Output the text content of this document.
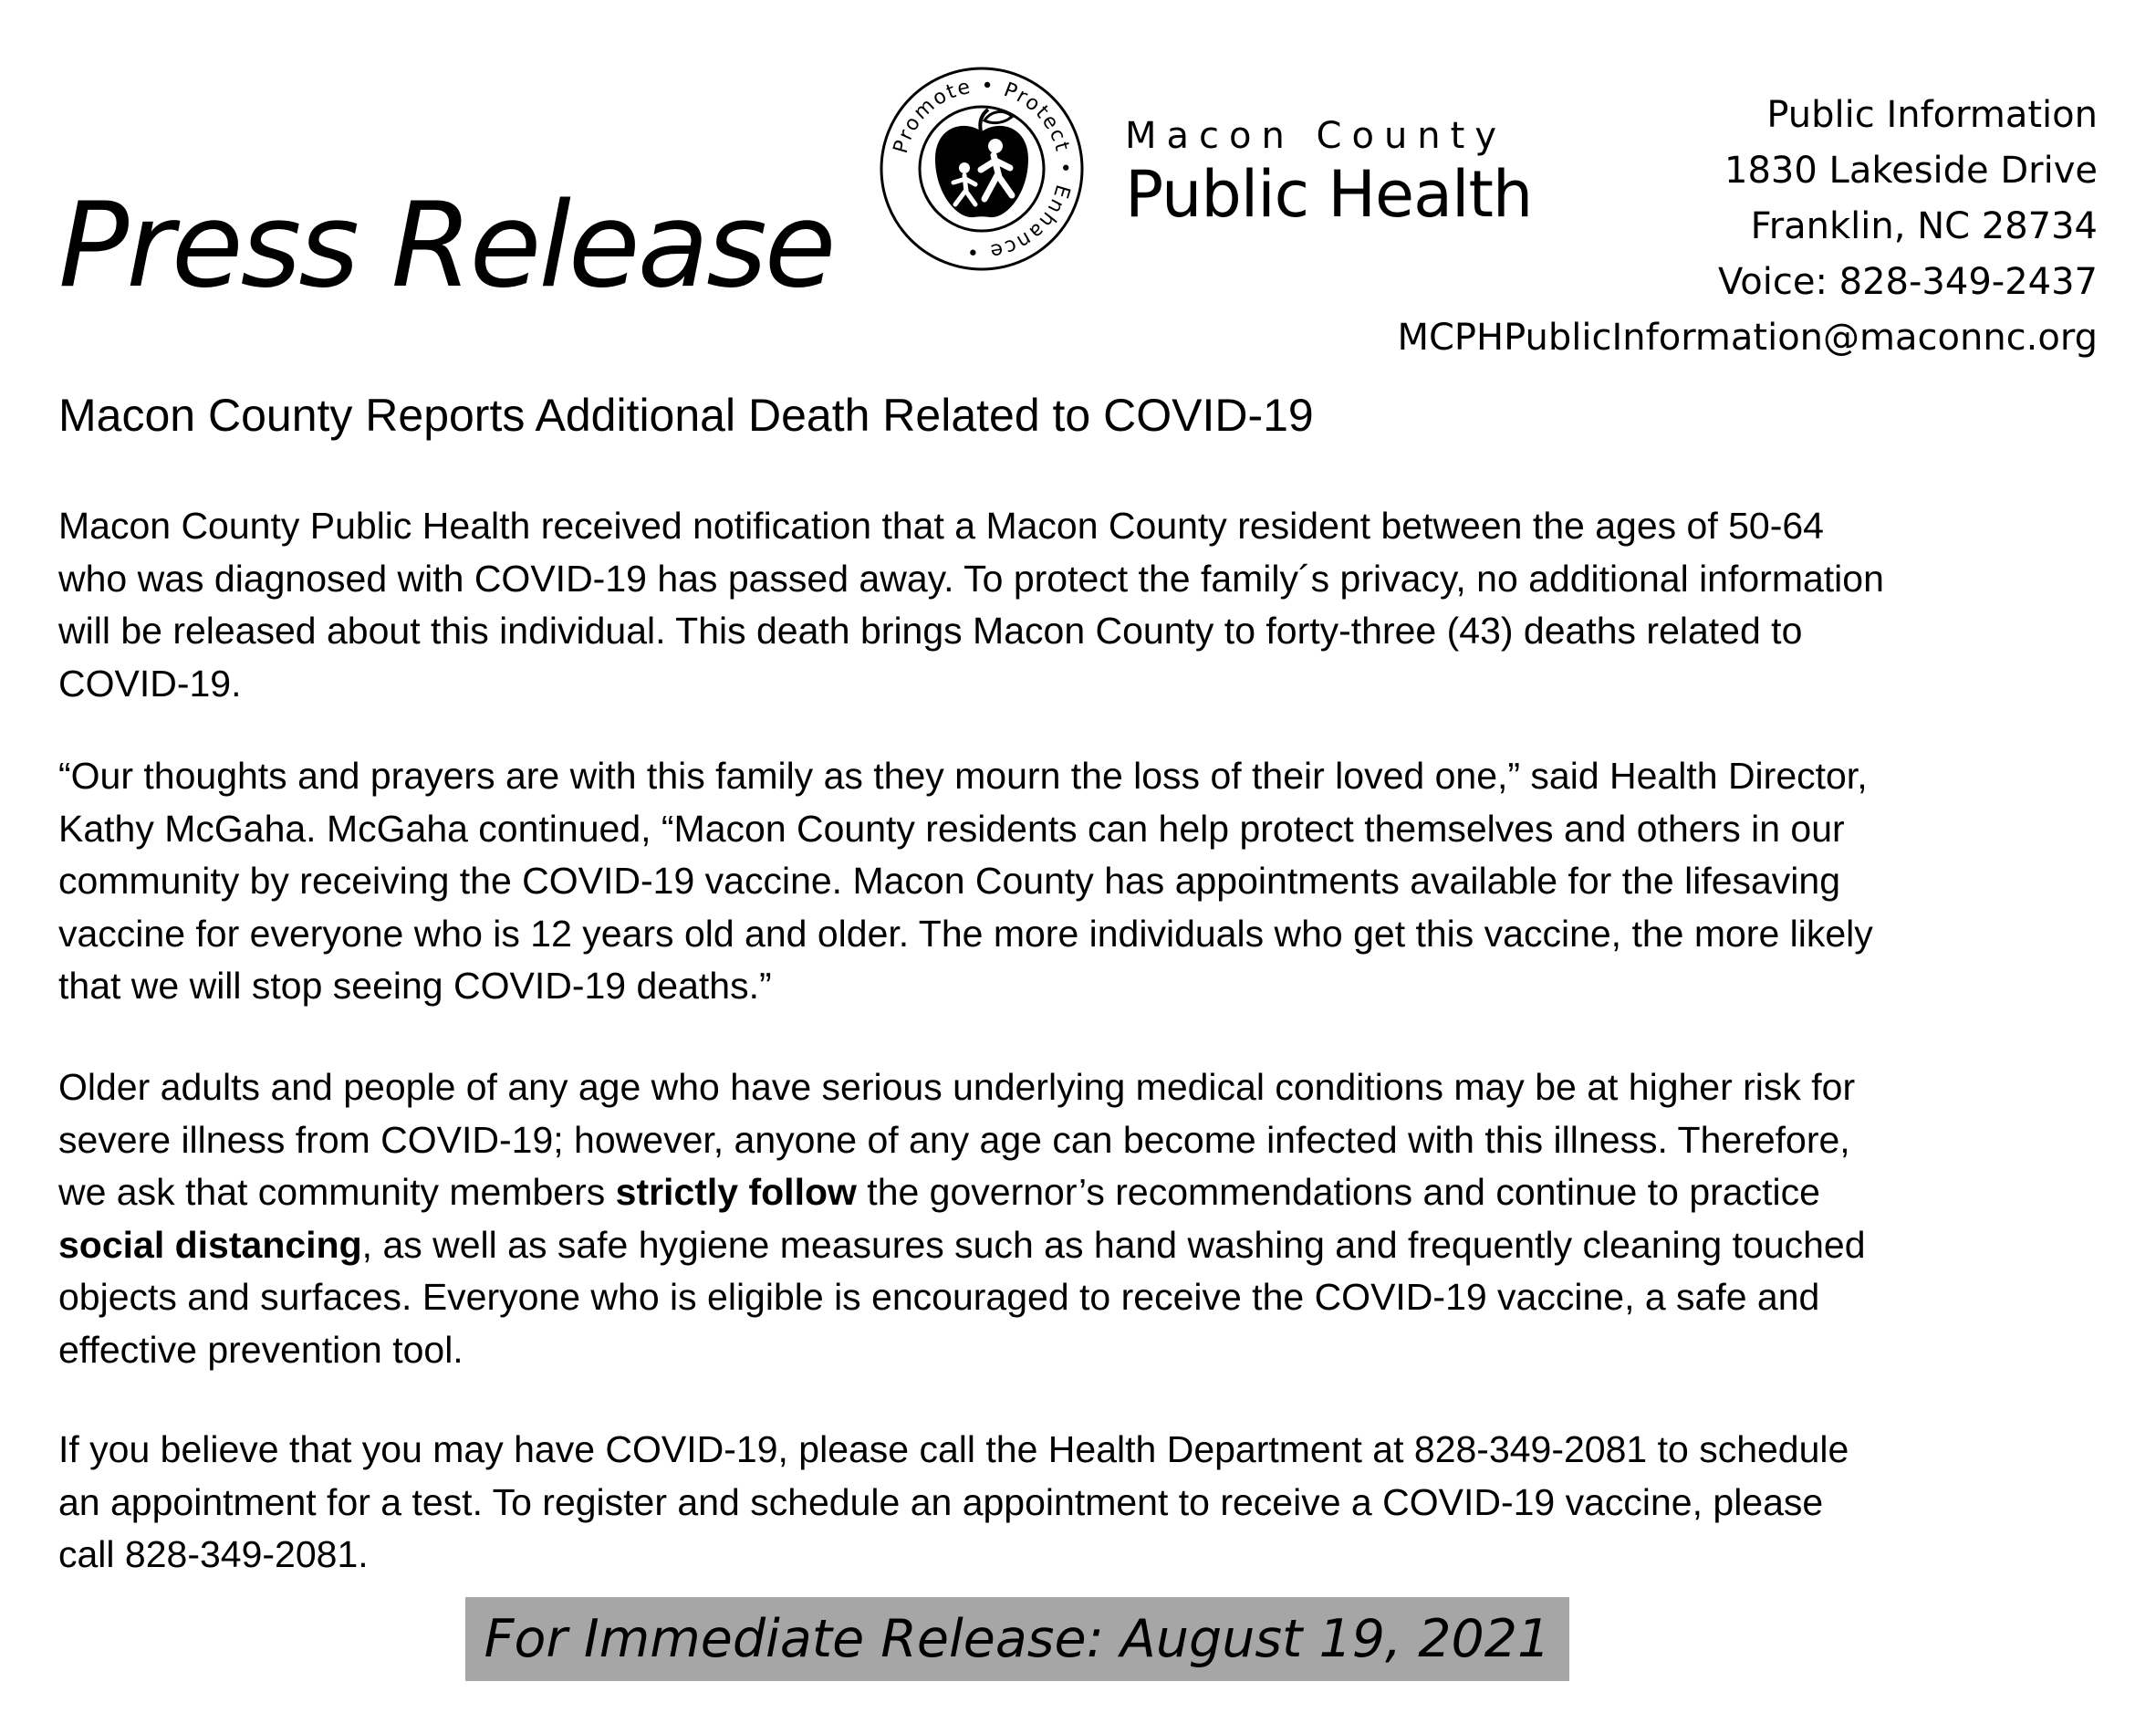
Press Release
Promote • Protect • Enhance •
Macon County
Public Health
Public Information
1830 Lakeside Drive
Franklin, NC 28734
Voice: 828-349-2437
MCPHPublicInformation@maconnc.org
Macon County Reports Additional Death Related to COVID-19
Macon County Public Health received notification that a Macon County resident between the ages of 50-64
who was diagnosed with COVID-19 has passed away. To protect the family´s privacy, no additional information
will be released about this individual. This death brings Macon County to forty-three (43) deaths related to
COVID-19.
“Our thoughts and prayers are with this family as they mourn the loss of their loved one,” said Health Director,
Kathy McGaha. McGaha continued, “Macon County residents can help protect themselves and others in our
community by receiving the COVID-19 vaccine. Macon County has appointments available for the lifesaving
vaccine for everyone who is 12 years old and older. The more individuals who get this vaccine, the more likely
that we will stop seeing COVID-19 deaths.”
Older adults and people of any age who have serious underlying medical conditions may be at higher risk for
severe illness from COVID-19; however, anyone of any age can become infected with this illness. Therefore,
we ask that community members strictly follow the governor’s recommendations and continue to practice
social distancing, as well as safe hygiene measures such as hand washing and frequently cleaning touched
objects and surfaces. Everyone who is eligible is encouraged to receive the COVID-19 vaccine, a safe and
effective prevention tool.
If you believe that you may have COVID-19, please call the Health Department at 828-349-2081 to schedule
an appointment for a test. To register and schedule an appointment to receive a COVID-19 vaccine, please
call 828-349-2081.
For Immediate Release: August 19, 2021
